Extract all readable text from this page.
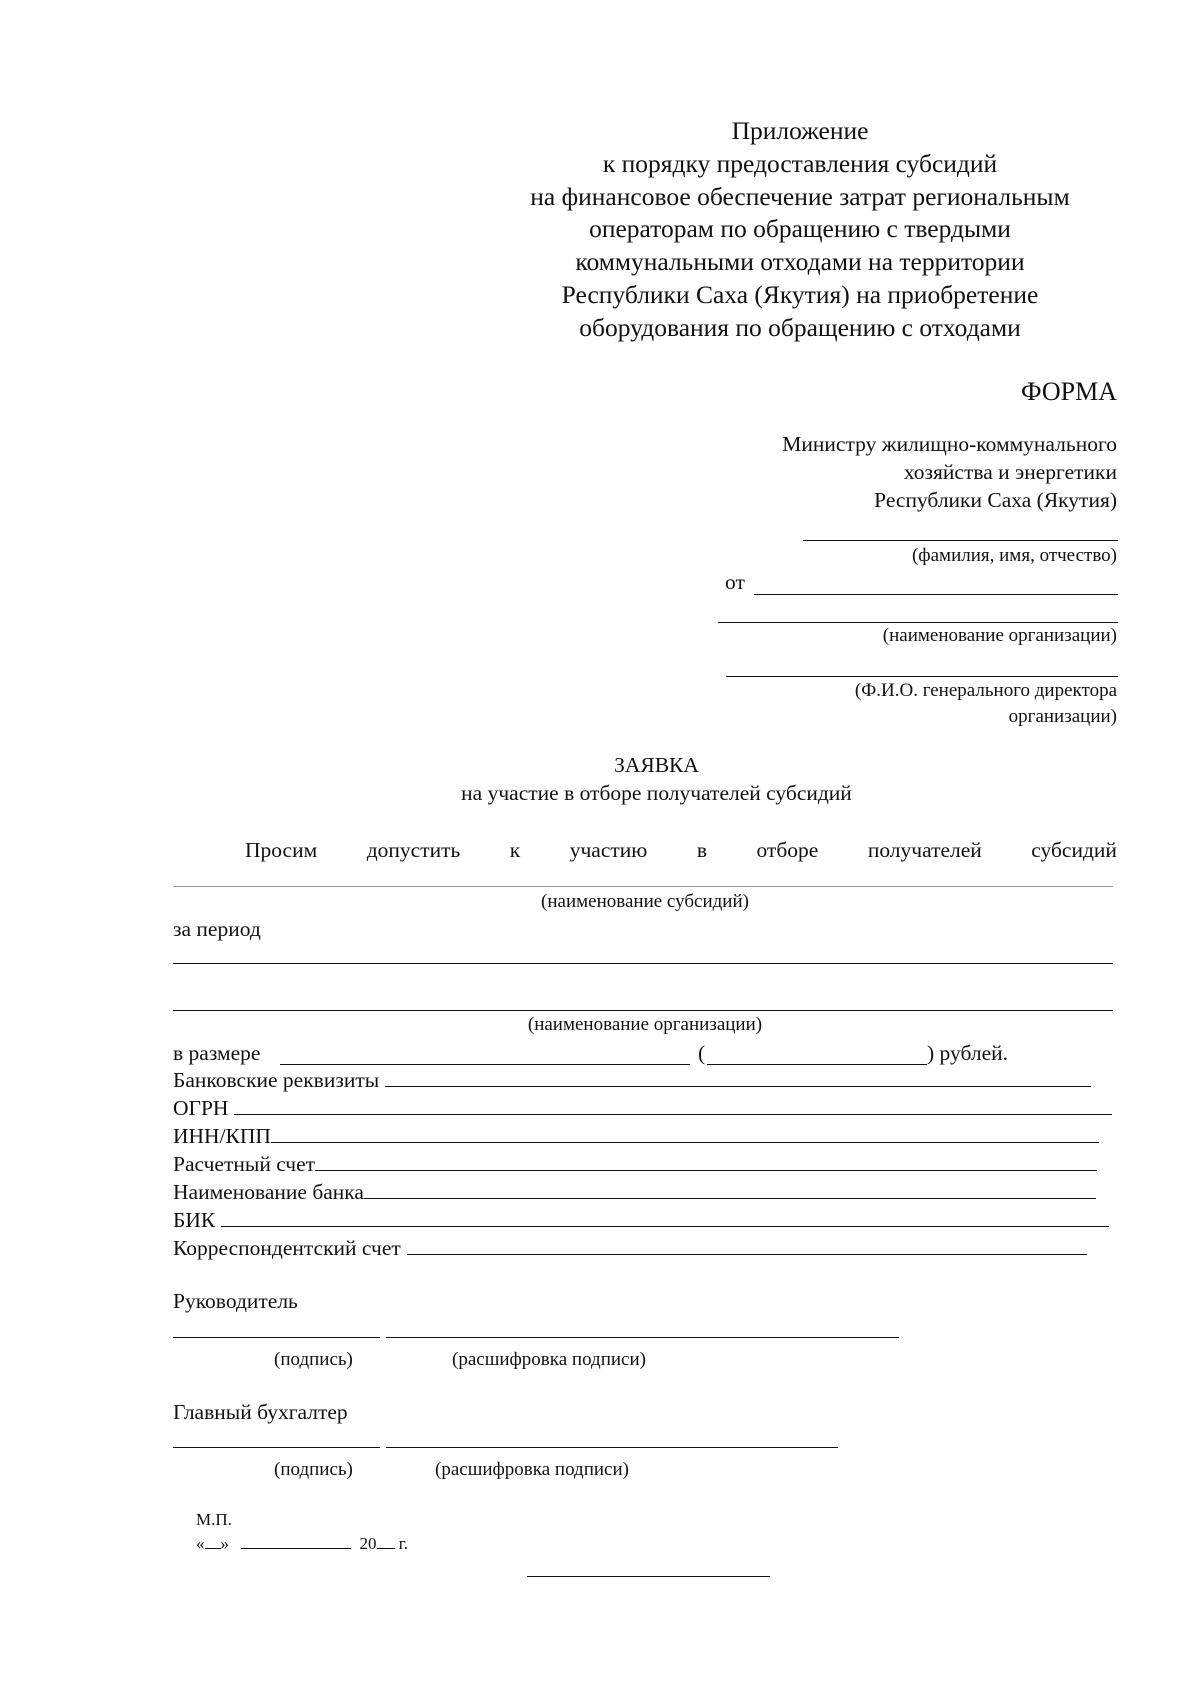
Приложение
к порядку предоставления субсидий
на финансовое обеспечение затрат региональным
операторам по обращению с твердыми
коммунальными отходами на территории
Республики Саха (Якутия) на приобретение
оборудования по обращению с отходами
ФОРМА
Министру жилищно-коммунального
хозяйства и энергетики
Республики Саха (Якутия)
(фамилия, имя, отчество)
от
(наименование организации)
(Ф.И.О. генерального директора
организации)
ЗАЯВКА
на участие в отборе получателей субсидий
Просим допустить к участию в отборе получателей субсидий
(наименование субсидий)
за период
(наименование организации)
в размере	(	) рублей.
Банковские реквизиты
ОГРН
ИНН/КПП
Расчетный счет
Наименование банка
БИК
Корреспондентский счет
Руководитель
(подпись)	(расшифровка подписи)
Главный бухгалтер
(подпись)	(расшифровка подписи)
М.П.
« »	20 г.
